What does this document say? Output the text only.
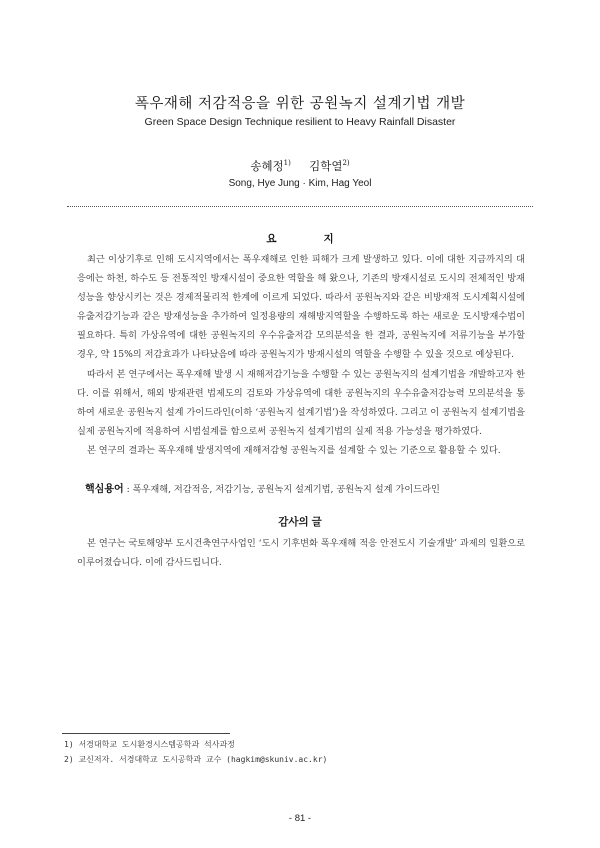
폭우재해 저감적응을 위한 공원녹지 설계기법 개발
Green Space Design Technique resilient to Heavy Rainfall Disaster
송혜정$^{1)}$ 김학열$^{2)}$
Song, Hye Jung · Kim, Hag Yeol
요 지

최근 이상기후로 인해 도시지역에서는 폭우재해로 인한 피해가 크게 발생하고 있다. 이에 대한 지금까지의 대응에는 하천, 하수도 등 전통적인 방재시설이 중요한 역할을 해 왔으나, 기존의 방재시설로 도시의 전체적인 방재성능을 향상시키는 것은 경제적물리적 한계에 이르게 되었다. 따라서 공원녹지와 같은 비방재적 도시계획시설에 유출저감기능과 같은 방재성능을 추가하여 일정용량의 재해방지역할을 수행하도록 하는 새로운 도시방재수법이 필요하다. 특히 가상유역에 대한 공원녹지의 우수유출저감 모의분석을 한 결과, 공원녹지에 저류기능을 부가할 경우, 약 15%의 저감효과가 나타났음에 따라 공원녹지가 방재시설의 역할을 수행할 수 있을 것으로 예상된다.

따라서 본 연구에서는 폭우재해 발생 시 재해저감기능을 수행할 수 있는 공원녹지의 설계기법을 개발하고자 한다. 이를 위해서, 해외 방재관련 법제도의 검토와 가상유역에 대한 공원녹지의 우수유출저감능력 모의분석을 통하여 새로운 공원녹지 설계 가이드라인(이하 ‘공원녹지 설계기법’)을 작성하였다. 그리고 이 공원녹지 설계기법을 실제 공원녹지에 적용하여 시범설계를 함으로써 공원녹지 설계기법의 실제 적용 가능성을 평가하였다.

본 연구의 결과는 폭우재해 발생지역에 재해저감형 공원녹지를 설계할 수 있는 기준으로 활용할 수 있다.

핵심용어 : 폭우재해, 저감적응, 저감기능, 공원녹지 설계기법, 공원녹지 설계 가이드라인
감사의 글

본 연구는 국토해양부 도시건축연구사업인 ‘도시 기후변화 폭우재해 적응 안전도시 기술개발’ 과제의 일환으로 이루어졌습니다. 이에 감사드립니다.

1) 서경대학교 도시환경시스템공학과 석사과정
2) 교신저자. 서경대학교 도시공학과 교수 (hagkim@skuniv.ac.kr)
- 81 -
